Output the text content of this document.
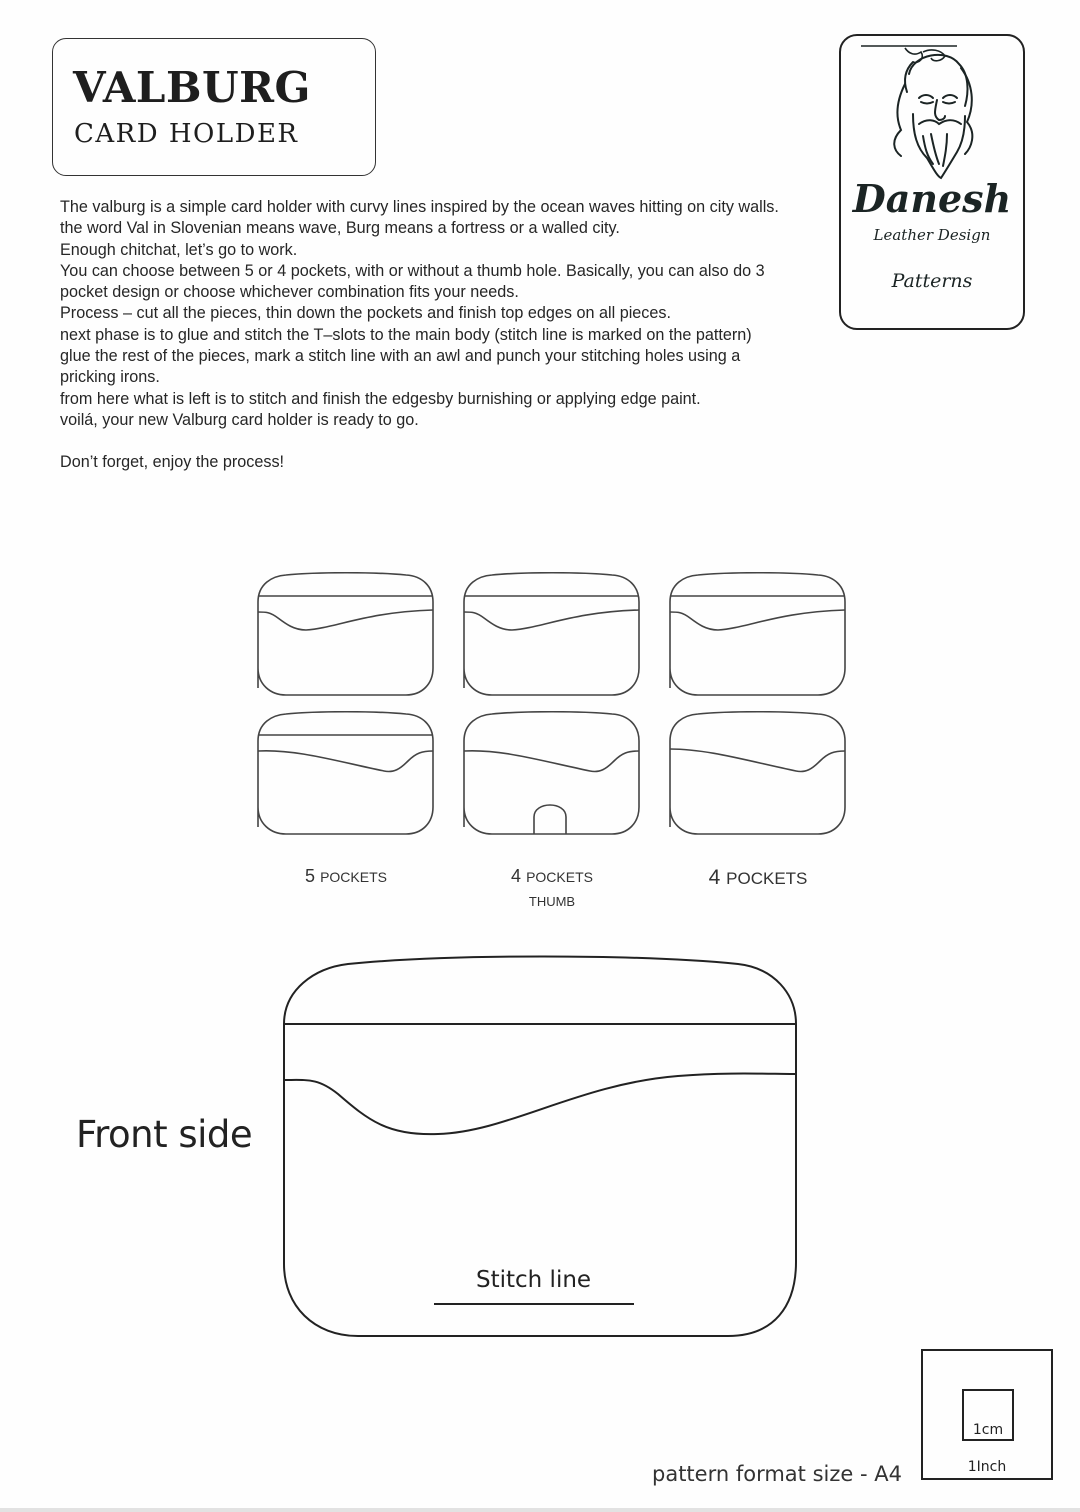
VALBURG
CARD HOLDER
Danesh
Leather Design
Patterns

The valburg is a simple card holder with curvy lines inspired by the ocean waves hitting on city walls. the word Val in Slovenian means wave, Burg means a fortress or a walled city.

Enough chitchat, let’s go to work.

You can choose between 5 or 4 pockets, with or without a thumb hole. Basically, you can also do 3 pocket design or choose whichever combination fits your needs.

Process – cut all the pieces, thin down the pockets and finish top edges on all pieces.

next phase is to glue and stitch the T–slots to the main body (stitch line is marked on the pattern)

glue the rest of the pieces, mark a stitch line with an awl and punch your stitching holes using a pricking irons.

from here what is left is to stitch and finish the edgesby burnishing or applying edge paint.

voilá, your new Valburg card holder is ready to go.

Don’t forget, enjoy the process!

5 POCKETS	4 POCKETS
THUMB
4 POCKETS
Front side
Stitch line
pattern format size - A4
1cm
1Inch
